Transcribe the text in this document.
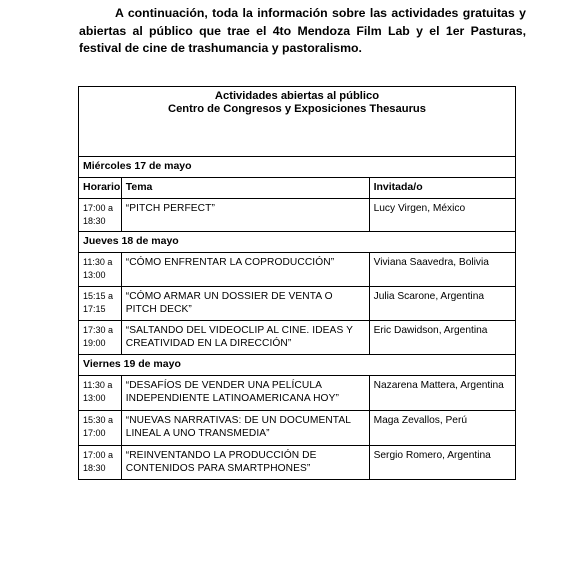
A continuación, toda la información sobre las actividades gratuitas y abiertas al público que trae el 4to Mendoza Film Lab y el 1er Pasturas, festival de cine de trashumancia y pastoralismo.

Actividades abiertas al público
Centro de Congresos y Exposiciones Thesaurus		

Miércoles 17 de mayo		
Horario	Tema	Invitada/o

17:00 a
18:30	“PITCH PERFECT”	Lucy Virgen, México
Jueves 18 de mayo		

11:30 a
13:00	“CÓMO ENFRENTAR LA COPRODUCCIÓN”	Viviana Saavedra, Bolivia

15:15 a
17:15	“CÓMO ARMAR UN DOSSIER DE VENTA O PITCH DECK”	Julia Scarone, Argentina

17:30 a
19:00	“SALTANDO DEL VIDEOCLIP AL CINE. IDEAS Y CREATIVIDAD EN LA DIRECCIÓN”	Eric Dawidson, Argentina
Viernes 19 de mayo		

11:30 a
13:00	“DESAFÍOS DE VENDER UNA PELÍCULA INDEPENDIENTE LATINOAMERICANA HOY”	Nazarena Mattera, Argentina

15:30 a
17:00	“NUEVAS NARRATIVAS: DE UN DOCUMENTAL LINEAL A UNO TRANSMEDIA”	Maga Zevallos, Perú

17:00 a
18:30	“REINVENTANDO LA PRODUCCIÓN DE CONTENIDOS PARA SMARTPHONES”	Sergio Romero, Argentina
